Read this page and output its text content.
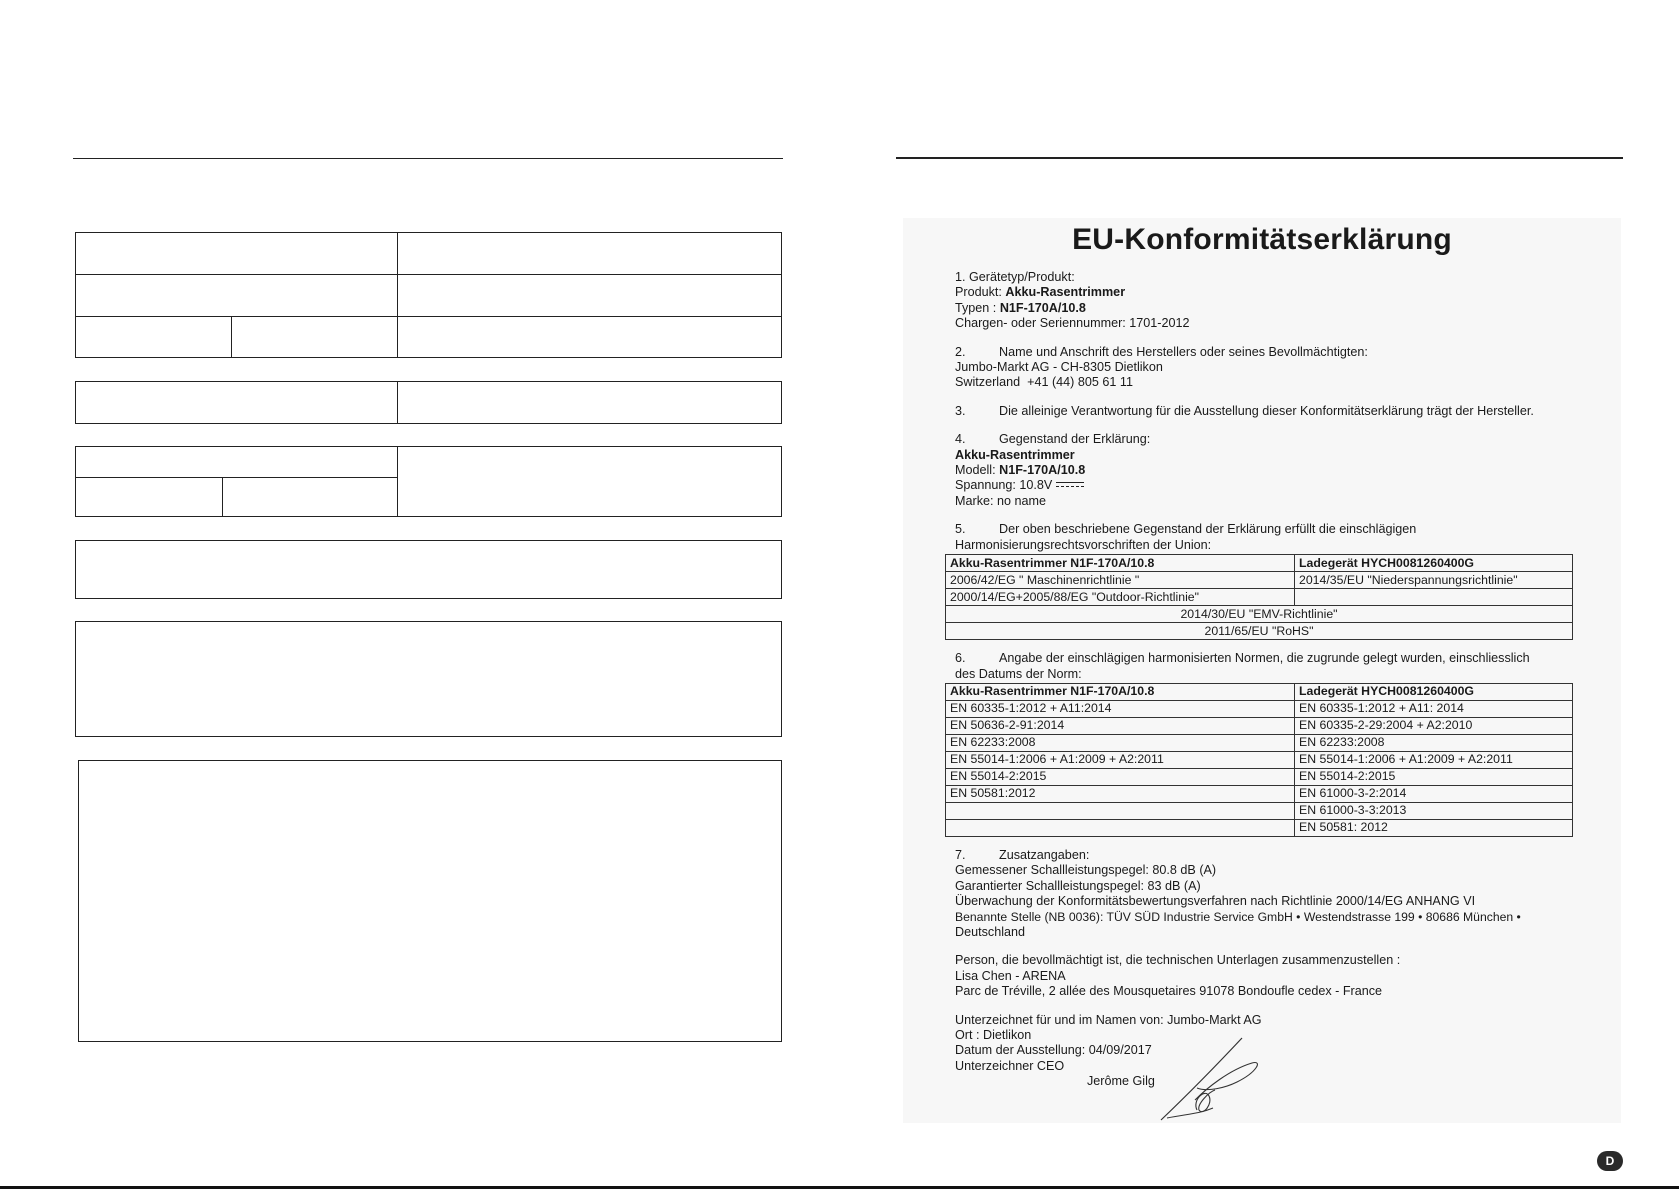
EU-Konformitätserklärung
1. Gerätetyp/Produkt:
Produkt: Akku-Rasentrimmer
Typen : N1F-170A/10.8
Chargen- oder Seriennummer: 1701-2012
2.	Name und Anschrift des Herstellers oder seines Bevollmächtigten:
Jumbo-Markt AG - CH-8305 Dietlikon
Switzerland  +41 (44) 805 61 11
3.	Die alleinige Verantwortung für die Ausstellung dieser Konformitätserklärung trägt der Hersteller.
4.	Gegenstand der Erklärung:
Akku-Rasentrimmer
Modell: N1F-170A/10.8
Spannung: 10.8V
Marke: no name
5.	Der oben beschriebene Gegenstand der Erklärung erfüllt die einschlägigen
Harmonisierungsrechtsvorschriften der Union:
Akku-Rasentrimmer N1F-170A/10.8	Ladegerät HYCH0081260400G
2006/42/EG " Maschinenrichtlinie "	2014/35/EU "Niederspannungsrichtlinie"
2000/14/EG+2005/88/EG "Outdoor-Richtlinie"	
2014/30/EU "EMV-Richtlinie"	
2011/65/EU "RoHS"	
6.	Angabe der einschlägigen harmonisierten Normen, die zugrunde gelegt wurden, einschliesslich
des Datums der Norm:
Akku-Rasentrimmer N1F-170A/10.8	Ladegerät HYCH0081260400G
EN 60335-1:2012 + A11:2014	EN 60335-1:2012 + A11: 2014
EN 50636-2-91:2014	EN 60335-2-29:2004 + A2:2010
EN 62233:2008	EN 62233:2008
EN 55014-1:2006 + A1:2009 + A2:2011	EN 55014-1:2006 + A1:2009 + A2:2011
EN 55014-2:2015	EN 55014-2:2015
EN 50581:2012	EN 61000-3-2:2014
	EN 61000-3-3:2013
	EN 50581: 2012
7.	Zusatzangaben:
Gemessener Schallleistungspegel: 80.8 dB (A)
Garantierter Schallleistungspegel: 83 dB (A)
Überwachung der Konformitätsbewertungsverfahren nach Richtlinie 2000/14/EG ANHANG VI
Benannte Stelle (NB 0036): TÜV SÜD Industrie Service GmbH • Westendstrasse 199 • 80686 München •
Deutschland
Person, die bevollmächtigt ist, die technischen Unterlagen zusammenzustellen :
Lisa Chen - ARENA
Parc de Tréville, 2 allée des Mousquetaires 91078 Bondoufle cedex - France
Unterzeichnet für und im Namen von: Jumbo-Markt AG
Ort : Dietlikon
Datum der Ausstellung: 04/09/2017
Unterzeichner CEO
Jerôme Gilg
D
